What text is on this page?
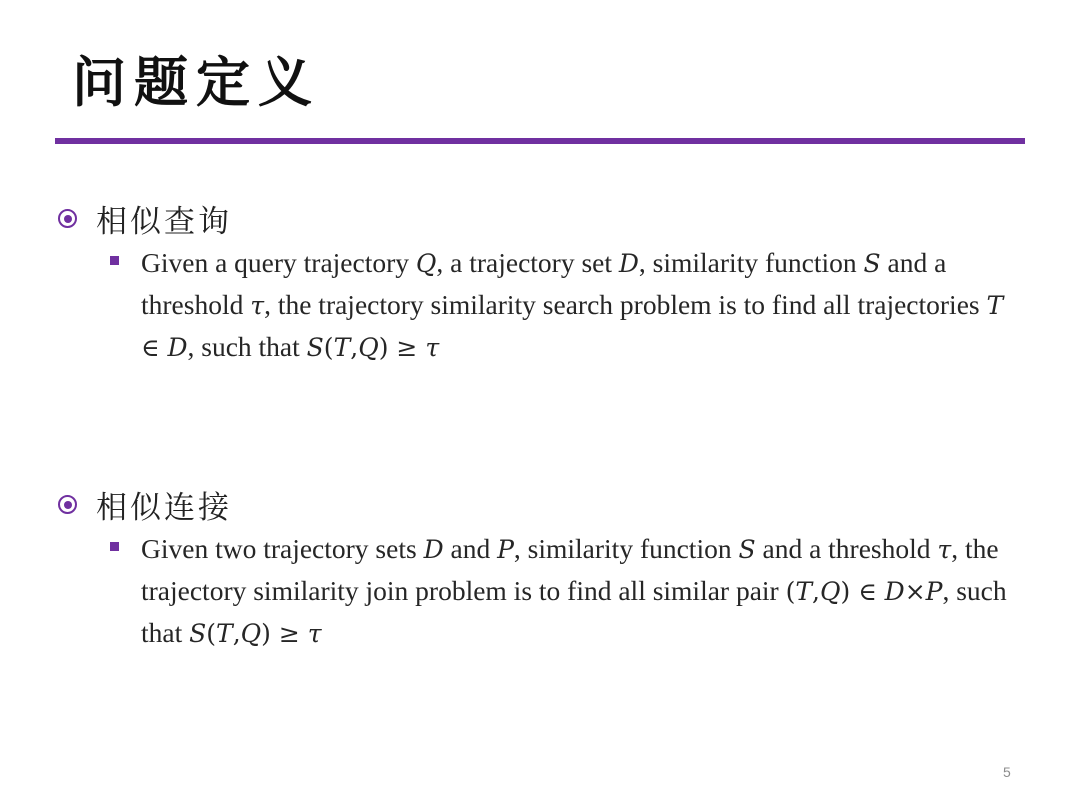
问题定义
相似查询
Given a query trajectory Q, a trajectory set D, similarity function S and a threshold τ, the trajectory similarity search problem is to find all trajectories T ∈ D, such that S(T,Q) ≥ τ
相似连接
Given two trajectory sets D and P, similarity function S and a threshold τ, the trajectory similarity join problem is to find all similar pair (T,Q) ∈ D×P, such that S(T,Q) ≥ τ
5
